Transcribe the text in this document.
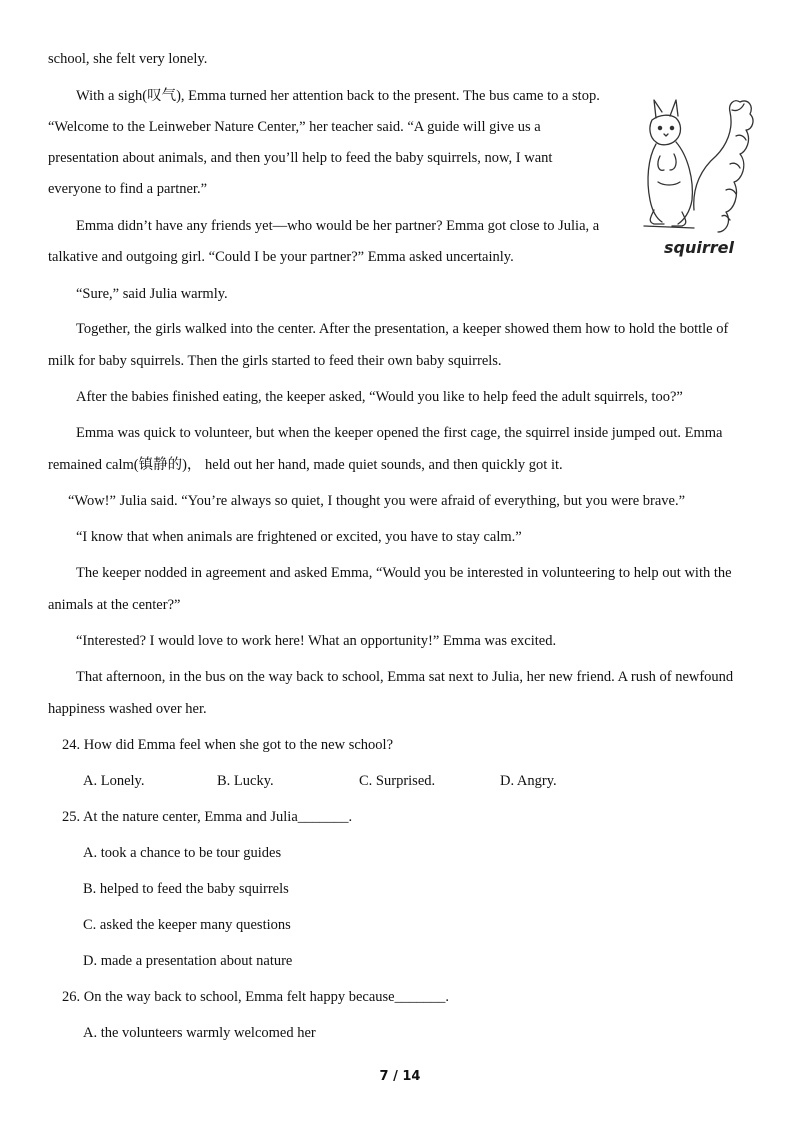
school, she felt very lonely.

With a sigh(叹气), Emma turned her attention back to the present. The bus came to a stop.

“Welcome to the Leinweber Nature Center,” her teacher said. “A guide will give us a

presentation about animals, and then you’ll help to feed the baby squirrels, now, I want

everyone to find a partner.”

Emma didn’t have any friends yet—who would be her partner? Emma got close to Julia, a

talkative and outgoing girl. “Could I be your partner?” Emma asked uncertainly.

“Sure,” said Julia warmly.

Together, the girls walked into the center. After the presentation, a keeper showed them how to hold the bottle of

milk for baby squirrels. Then the girls started to feed their own baby squirrels.

After the babies finished eating, the keeper asked, “Would you like to help feed the adult squirrels, too?”

Emma was quick to volunteer, but when the keeper opened the first cage, the squirrel inside jumped out. Emma

remained calm(镇静的)， held out her hand, made quiet sounds, and then quickly got it.

“Wow!” Julia said. “You’re always so quiet, I thought you were afraid of everything, but you were brave.”

“I know that when animals are frightened or excited, you have to stay calm.”

The keeper nodded in agreement and asked Emma, “Would you be interested in volunteering to help out with the

animals at the center?”

“Interested? I would love to work here! What an opportunity!” Emma was excited.

That afternoon, in the bus on the way back to school, Emma sat next to Julia, her new friend. A rush of newfound

happiness washed over her.

squirrel

24. How did Emma feel when she got to the new school?

A. Lonely.	B. Lucky.	C. Surprised.	D. Angry.

25. At the nature center, Emma and Julia_______.

A. took a chance to be tour guides

B. helped to feed the baby squirrels

C. asked the keeper many questions

D. made a presentation about nature

26. On the way back to school, Emma felt happy because_______.

A. the volunteers warmly welcomed her

7 / 14
